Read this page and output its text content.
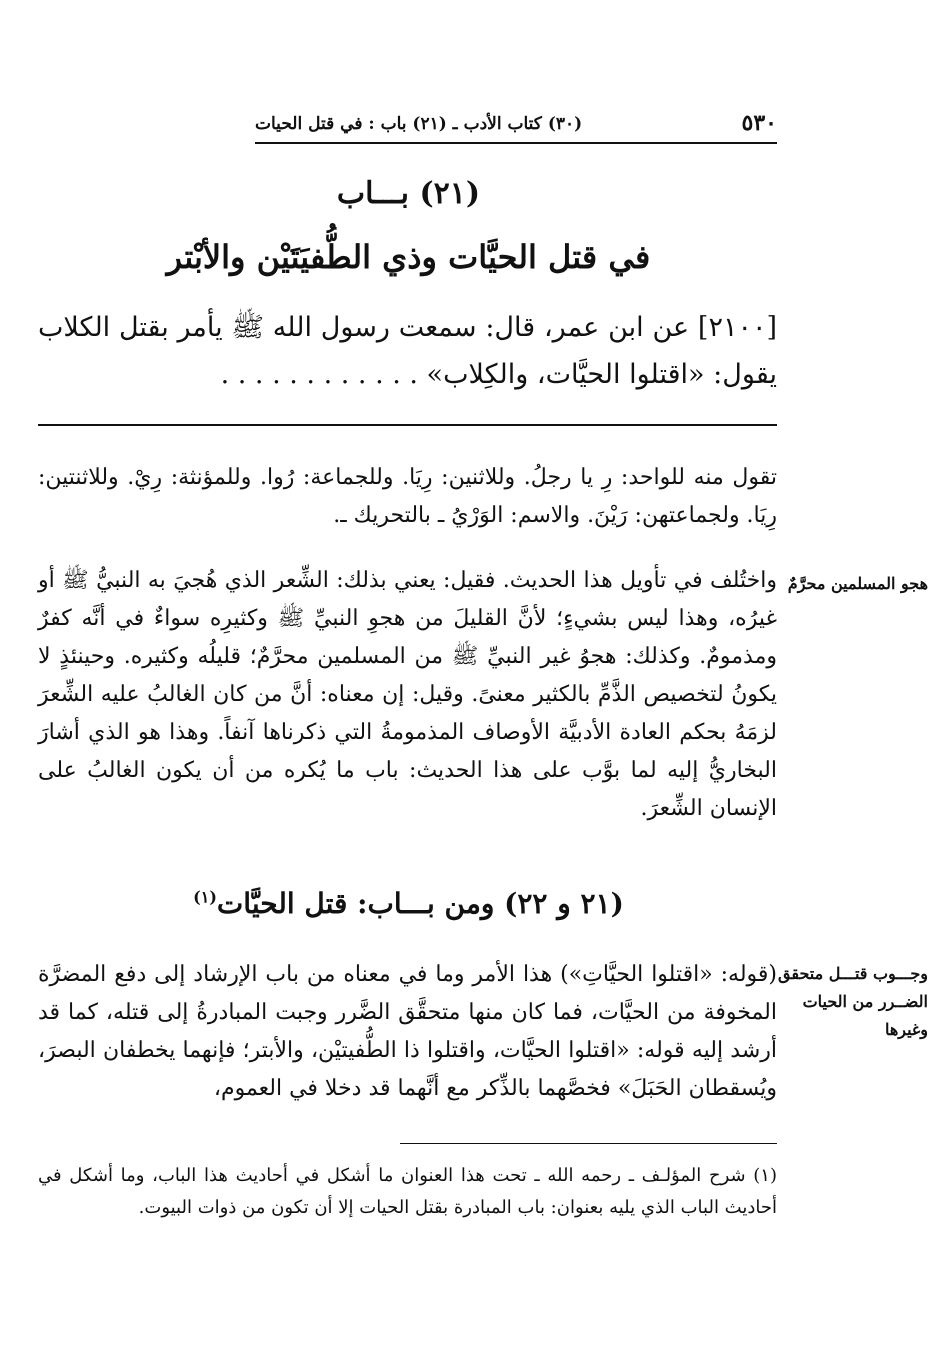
٥٣٠
(٣٠) كتاب الأدب ـ (٢١) باب : في قتل الحيات
(٢١) بـــاب
في قتل الحيَّات وذي الطُّفيَتَيْن والأبْتر

[٢١٠٠] عن ابن عمر، قال: سمعت رسول الله ﷺ يأمر بقتل الكلاب يقول: «اقتلوا الحيَّات، والكِلاب» . . . . . . . . . . . .

تقول منه للواحد: رِ يا رجلُ. وللاثنين: رِيَا. وللجماعة: رُوا. وللمؤنثة: رِيْ. وللاثنتين: رِيَا. ولجماعتهن: رَيْنَ. والاسم: الوَرْيُ ـ بالتحريك ـ.

هجو المسلمين محرَّمٌ

واختُلف في تأويل هذا الحديث. فقيل: يعني بذلك: الشِّعر الذي هُجيَ به النبيُّ ﷺ أو غيرُه، وهذا ليس بشيءٍ؛ لأنَّ القليلَ من هجوِ النبيِّ ﷺ وكثيرِه سواءٌ في أنَّه كفرٌ ومذمومٌ. وكذلك: هجوُ غير النبيِّ ﷺ من المسلمين محرَّمٌ؛ قليلُه وكثيره. وحينئذٍ لا يكونُ لتخصيص الذَّمِّ بالكثير معنىً. وقيل: إن معناه: أنَّ من كان الغالبُ عليه الشِّعرَ لزمَهُ بحكم العادة الأدبيَّة الأوصاف المذمومةُ التي ذكرناها آنفاً. وهذا هو الذي أشارَ البخاريُّ إليه لما بوَّب على هذا الحديث: باب ما يُكره من أن يكون الغالبُ على الإنسان الشِّعرَ.

(٢١ و ٢٢) ومن بـــاب: قتل الحيَّات$^{(١)}$
وجـــوب قتـــل متحقق الضــرر من الحيات وغيرها

(قوله: «اقتلوا الحيَّاتِ») هذا الأمر وما في معناه من باب الإرشاد إلى دفع المضرَّة المخوفة من الحيَّات، فما كان منها متحقَّق الضَّرر وجبت المبادرةُ إلى قتله، كما قد أرشد إليه قوله: «اقتلوا الحيَّات، واقتلوا ذا الطُّفيتيْن، والأبتر؛ فإنهما يخطفان البصرَ، ويُسقطان الحَبَلَ» فخصَّهما بالذِّكر مع أنَّهما قد دخلا في العموم،

(١) شرح المؤلـف ـ رحمه الله ـ تحت هذا العنوان ما أشكل في أحاديث هذا الباب، وما أشكل في أحاديث الباب الذي يليه بعنوان: باب المبادرة بقتل الحيات إلا أن تكون من ذوات البيوت.
